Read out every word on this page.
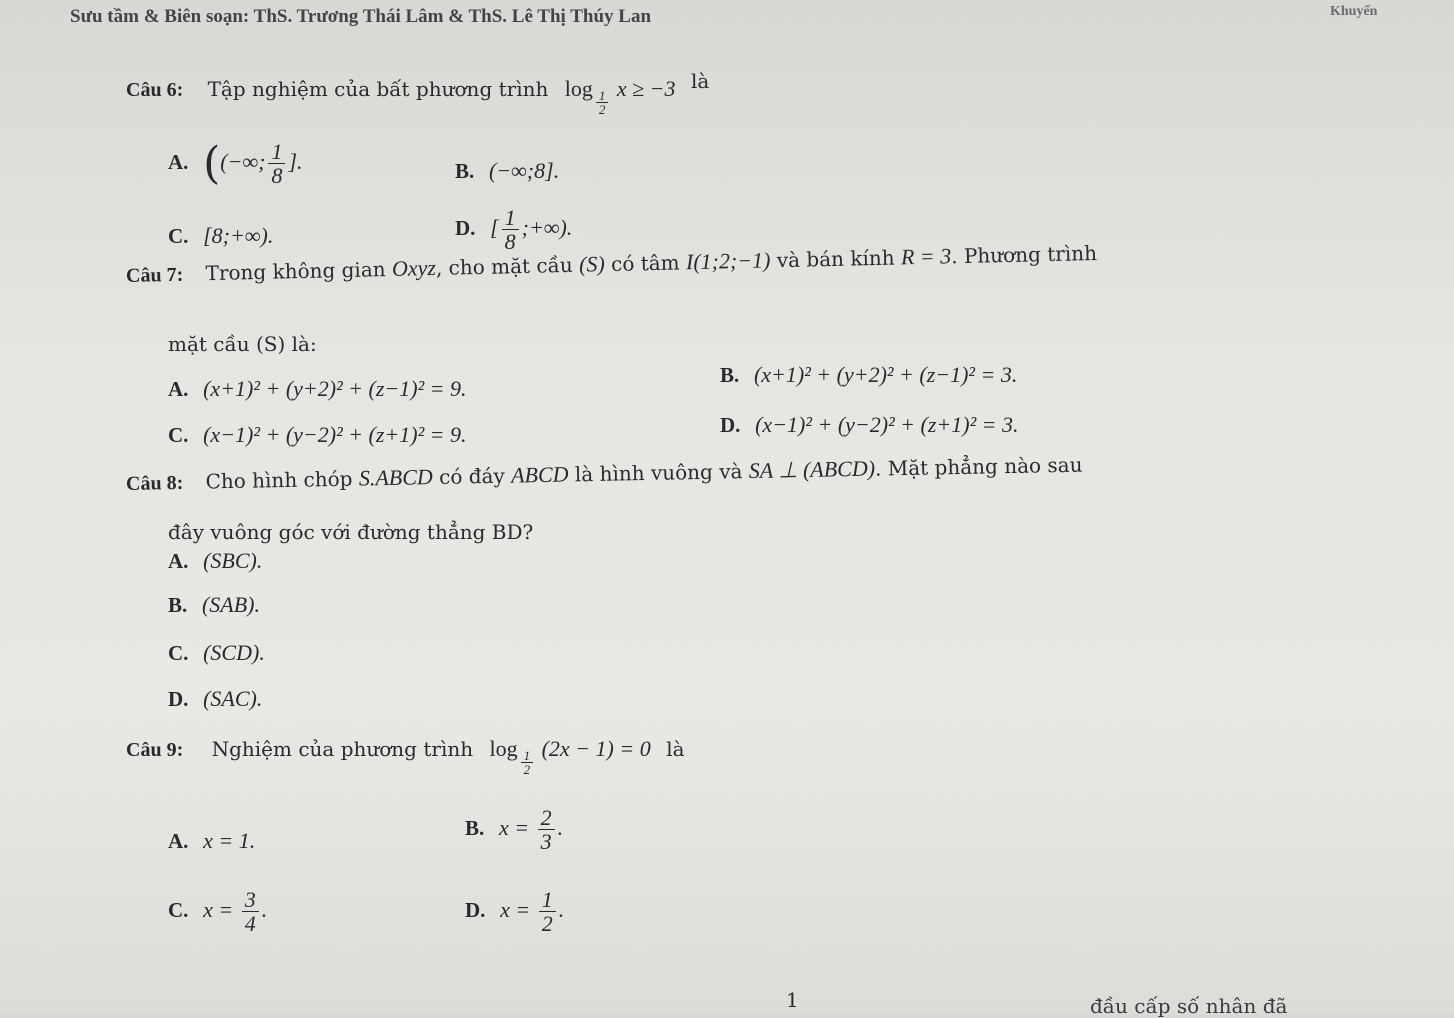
Sưu tầm & Biên soạn: ThS. Trương Thái Lâm & ThS. Lê Thị Thúy Lan	Khuyến
Câu 6: Tập nghiệm của bất phương trình log
$_{\frac{1}{2}}$
x ≥ −3 là
A. ((−∞; $\frac{1}{8}$ ].	B. (−∞;8].
C. [8;+∞).	D. [ $\frac{1}{8}$ ;+∞).
Câu 7: Trong không gian Oxyz, cho mặt cầu (S) có tâm I(1;2;−1) và bán kính R = 3. Phương trình
mặt cầu (S) là:
A. (x+1)² + (y+2)² + (z−1)² = 9.
B. (x+1)² + (y+2)² + (z−1)² = 3.
C. (x−1)² + (y−2)² + (z+1)² = 9.	D. (x−1)² + (y−2)² + (z+1)² = 3.
Câu 8: Cho hình chóp S.ABCD có đáy ABCD là hình vuông và SA ⊥ (ABCD). Mặt phẳng nào sau
đây vuông góc với đường thẳng BD?
A. (SBC).
B. (SAB).
C. (SCD).
D. (SAC).
Câu 9: Nghiệm của phương trình log
$_{\frac{1}{2}}$
(2x − 1) = 0 là
A. x = 1.	B. $x = \frac{2}{3}$ .
C. $x = \frac{3}{4}$ .	D. $x = \frac{1}{2}$ .
1	đầu cấp số nhân đã
